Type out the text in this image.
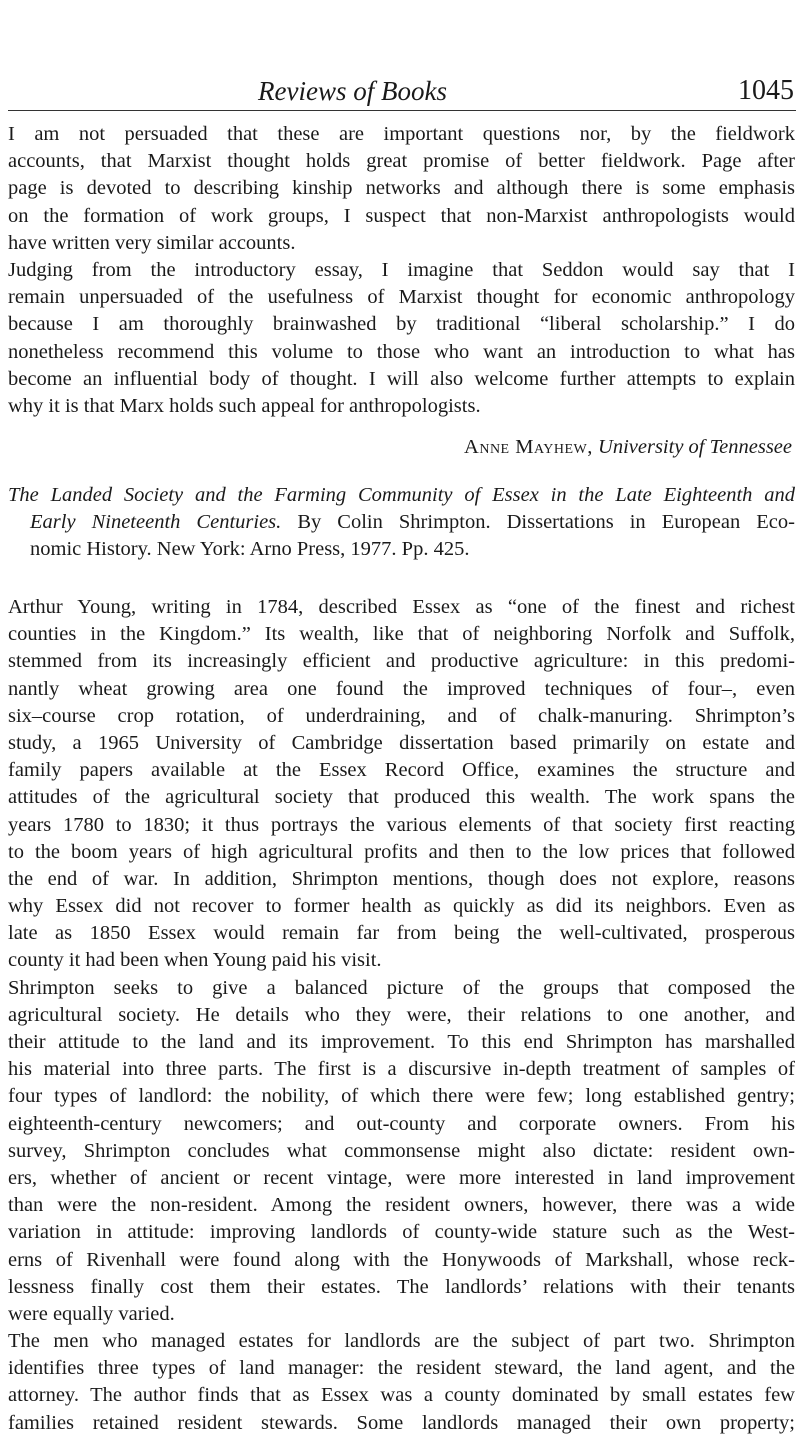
Reviews of Books	1045
I am not persuaded that these are important questions nor, by the fieldwork
accounts, that Marxist thought holds great promise of better fieldwork. Page after
page is devoted to describing kinship networks and although there is some emphasis
on the formation of work groups, I suspect that non-Marxist anthropologists would
have written very similar accounts.
Judging from the introductory essay, I imagine that Seddon would say that I
remain unpersuaded of the usefulness of Marxist thought for economic anthropology
because I am thoroughly brainwashed by traditional “liberal scholarship.” I do
nonetheless recommend this volume to those who want an introduction to what has
become an influential body of thought. I will also welcome further attempts to explain
why it is that Marx holds such appeal for anthropologists.
Anne Mayhew, University of Tennessee
The Landed Society and the Farming Community of Essex in the Late Eighteenth and
Early Nineteenth Centuries. By Colin Shrimpton. Dissertations in European Eco-
nomic History. New York: Arno Press, 1977. Pp. 425.
Arthur Young, writing in 1784, described Essex as “one of the finest and richest
counties in the Kingdom.” Its wealth, like that of neighboring Norfolk and Suffolk,
stemmed from its increasingly efficient and productive agriculture: in this predomi-
nantly wheat growing area one found the improved techniques of four–, even
six–course crop rotation, of underdraining, and of chalk-manuring. Shrimpton’s
study, a 1965 University of Cambridge dissertation based primarily on estate and
family papers available at the Essex Record Office, examines the structure and
attitudes of the agricultural society that produced this wealth. The work spans the
years 1780 to 1830; it thus portrays the various elements of that society first reacting
to the boom years of high agricultural profits and then to the low prices that followed
the end of war. In addition, Shrimpton mentions, though does not explore, reasons
why Essex did not recover to former health as quickly as did its neighbors. Even as
late as 1850 Essex would remain far from being the well-cultivated, prosperous
county it had been when Young paid his visit.
Shrimpton seeks to give a balanced picture of the groups that composed the
agricultural society. He details who they were, their relations to one another, and
their attitude to the land and its improvement. To this end Shrimpton has marshalled
his material into three parts. The first is a discursive in-depth treatment of samples of
four types of landlord: the nobility, of which there were few; long established gentry;
eighteenth-century newcomers; and out-county and corporate owners. From his
survey, Shrimpton concludes what commonsense might also dictate: resident own-
ers, whether of ancient or recent vintage, were more interested in land improvement
than were the non-resident. Among the resident owners, however, there was a wide
variation in attitude: improving landlords of county-wide stature such as the West-
erns of Rivenhall were found along with the Honywoods of Markshall, whose reck-
lessness finally cost them their estates. The landlords’ relations with their tenants
were equally varied.
The men who managed estates for landlords are the subject of part two. Shrimpton
identifies three types of land manager: the resident steward, the land agent, and the
attorney. The author finds that as Essex was a county dominated by small estates few
families retained resident stewards. Some landlords managed their own property;
